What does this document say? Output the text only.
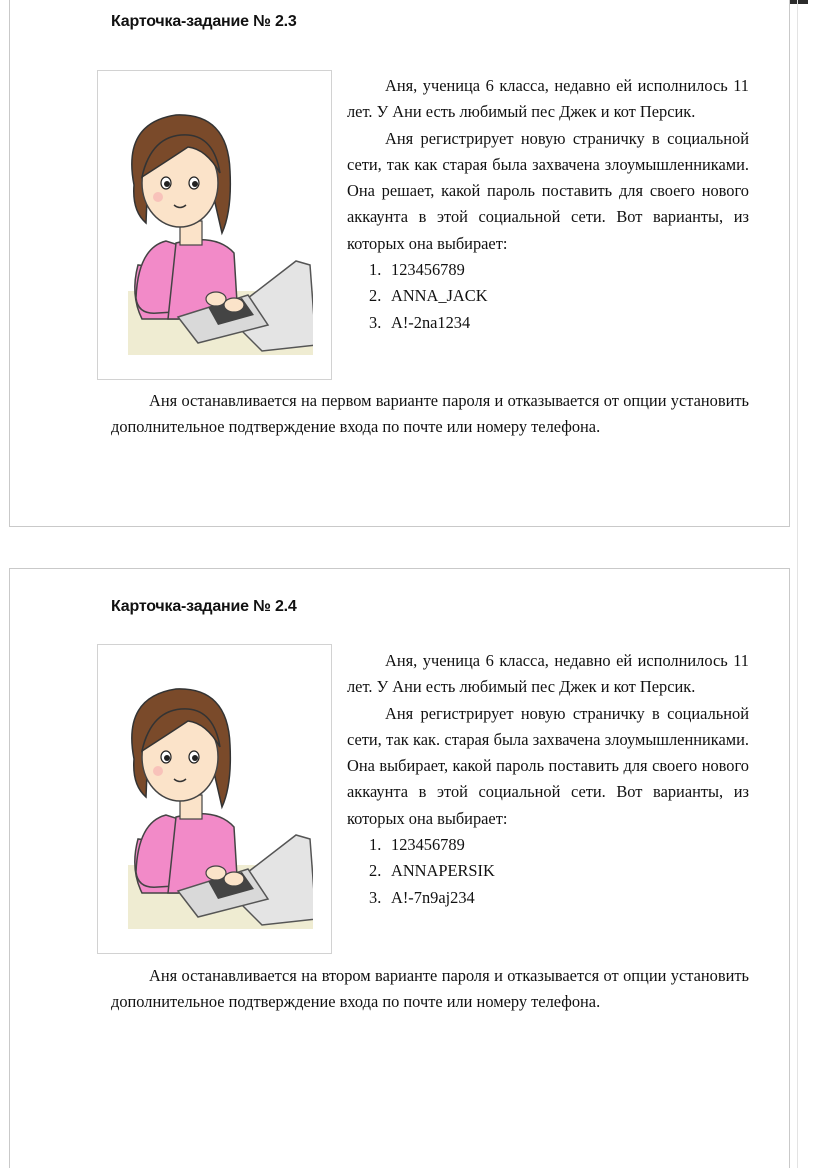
Карточка-задание № 2.3

Аня, ученица 6 класса, недавно ей исполнилось 11 лет. У Ани есть любимый пес Джек и кот Персик.

Аня регистрирует новую страничку в социальной сети, так как старая была захвачена злоумышленниками. Она решает, какой пароль поставить для своего нового аккаунта в этой социальной сети. Вот варианты, из которых она выбирает:

1. 123456789
2. ANNA_JACK
3. A!-2na1234

Аня останавливается на первом варианте пароля и отказывается от опции установить дополнительное подтверждение входа по почте или номеру телефона.

Карточка-задание № 2.4

Аня, ученица 6 класса, недавно ей исполнилось 11 лет. У Ани есть любимый пес Джек и кот Персик.

Аня регистрирует новую страничку в социальной сети, так как. старая была захвачена злоумышленниками. Она выбирает, какой пароль поставить для своего нового аккаунта в этой социальной сети. Вот варианты, из которых она выбирает:

1. 123456789
2. ANNAPERSIK
3. A!-7n9aj234

Аня останавливается на втором варианте пароля и отказывается от опции установить дополнительное подтверждение входа по почте или номеру телефона.
